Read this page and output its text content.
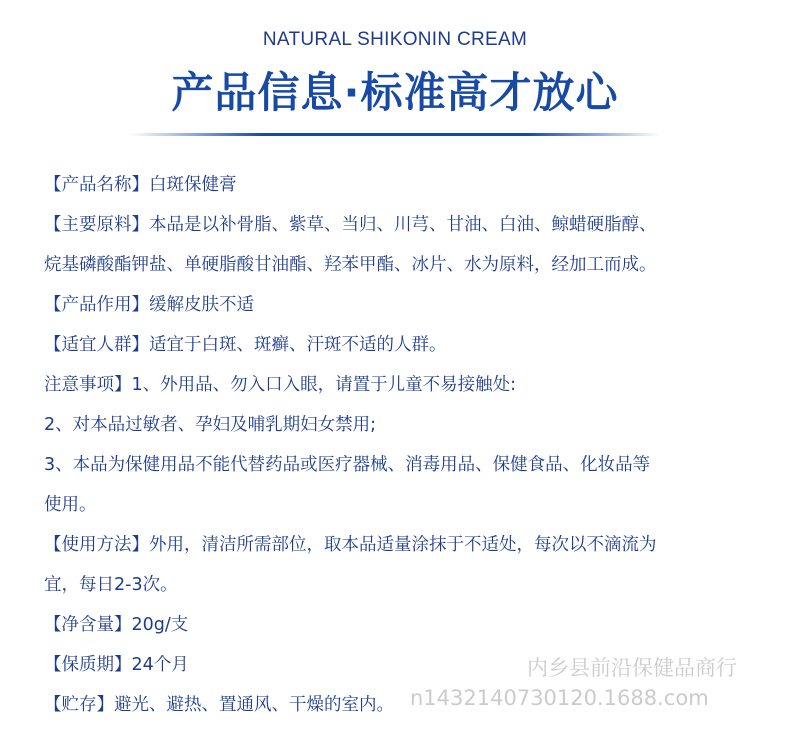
NATURAL SHIKONIN CREAM
产品信息·标准高才放心
【产品名称】白斑保健膏
【主要原料】本品是以补骨脂、紫草、当归、川芎、甘油、白油、鲸蜡硬脂醇、
烷基磷酸酯钾盐、单硬脂酸甘油酯、羟苯甲酯、冰片、水为原料，经加工而成。
【产品作用】缓解皮肤不适
【适宜人群】适宜于白斑、斑癣、汗斑不适的人群。
注意事项】1、外用品、勿入口入眼，请置于儿童不易接触处:
2、对本品过敏者、孕妇及哺乳期妇女禁用;
3、本品为保健用品不能代替药品或医疗器械、消毒用品、保健食品、化妆品等
使用。
【使用方法】外用，清洁所需部位，取本品适量涂抹于不适处，每次以不滴流为
宜，每日2-3次。
【净含量】20g/支
【保质期】24个月
【贮存】避光、避热、置通风、干燥的室内。
内乡县前沿保健品商行
n1432140730120.1688.com
